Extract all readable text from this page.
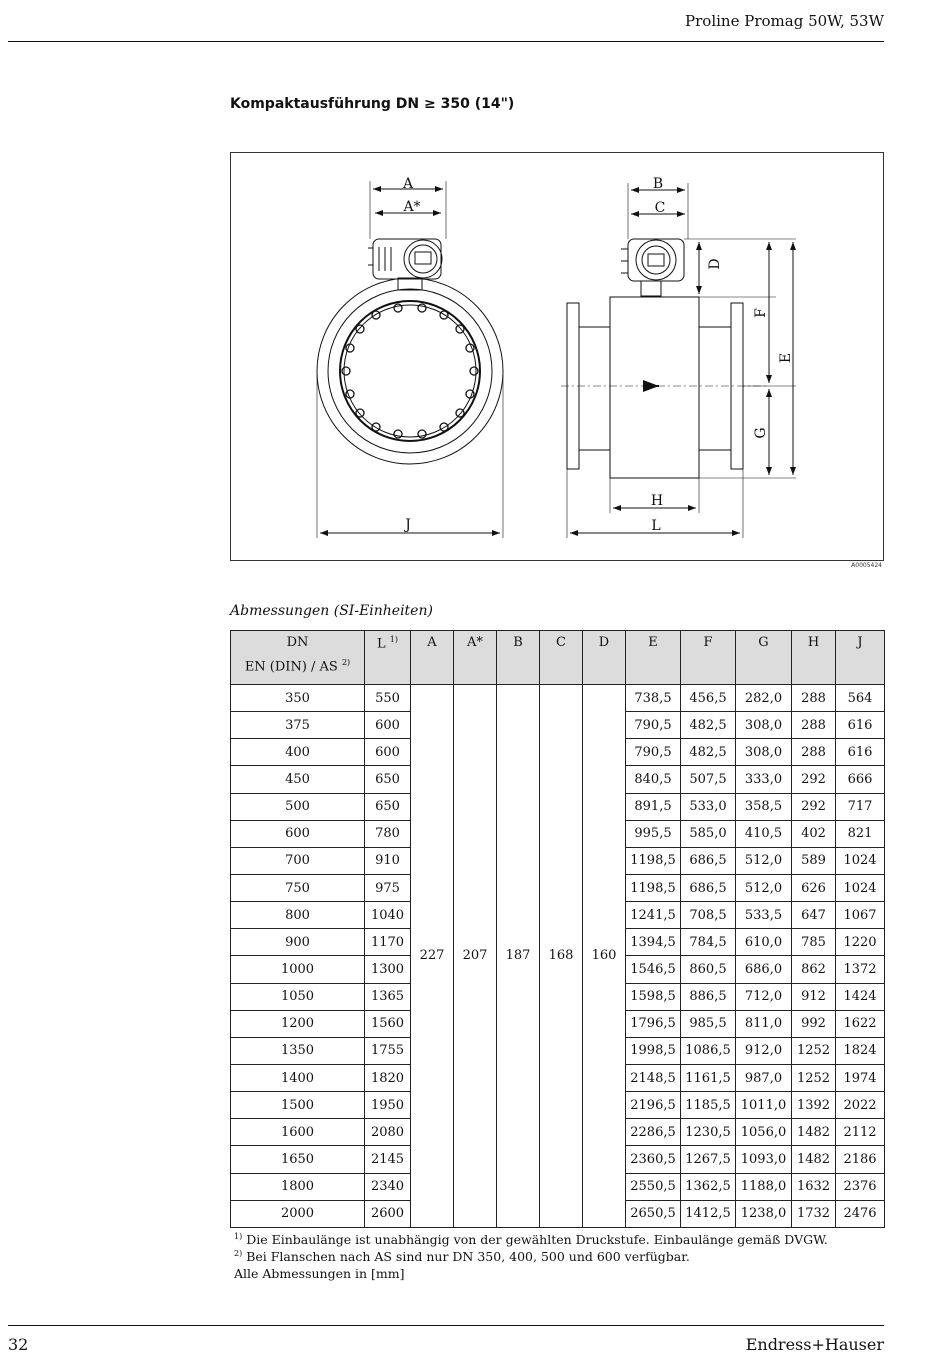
Proline Promag 50W, 53W
Kompaktausführung DN ≥ 350 (14")
A
A*
J
B
C
H
L
D
F
G
E
A0005424
Abmessungen (SI-Einheiten)
DN
EN (DIN) / AS $^{2)}$	L $^{1)}$	A	A*	B	C	D	E	F	G	H	J
350	550	227	207	187	168	160	738,5	456,5	282,0	288	564
375	600						790,5	482,5	308,0	288	616
400	600						790,5	482,5	308,0	288	616
450	650						840,5	507,5	333,0	292	666
500	650						891,5	533,0	358,5	292	717
600	780						995,5	585,0	410,5	402	821
700	910						1198,5	686,5	512,0	589	1024
750	975						1198,5	686,5	512,0	626	1024
800	1040						1241,5	708,5	533,5	647	1067
900	1170						1394,5	784,5	610,0	785	1220
1000	1300						1546,5	860,5	686,0	862	1372
1050	1365						1598,5	886,5	712,0	912	1424
1200	1560						1796,5	985,5	811,0	992	1622
1350	1755						1998,5	1086,5	912,0	1252	1824
1400	1820						2148,5	1161,5	987,0	1252	1974
1500	1950						2196,5	1185,5	1011,0	1392	2022
1600	2080						2286,5	1230,5	1056,0	1482	2112
1650	2145						2360,5	1267,5	1093,0	1482	2186
1800	2340						2550,5	1362,5	1188,0	1632	2376
2000	2600						2650,5	1412,5	1238,0	1732	2476
$^{1)}$ Die Einbaulänge ist unabhängig von der gewählten Druckstufe. Einbaulänge gemäß DVGW.
$^{2)}$ Bei Flanschen nach AS sind nur DN 350, 400, 500 und 600 verfügbar.
Alle Abmessungen in [mm]
32	Endress+Hauser
